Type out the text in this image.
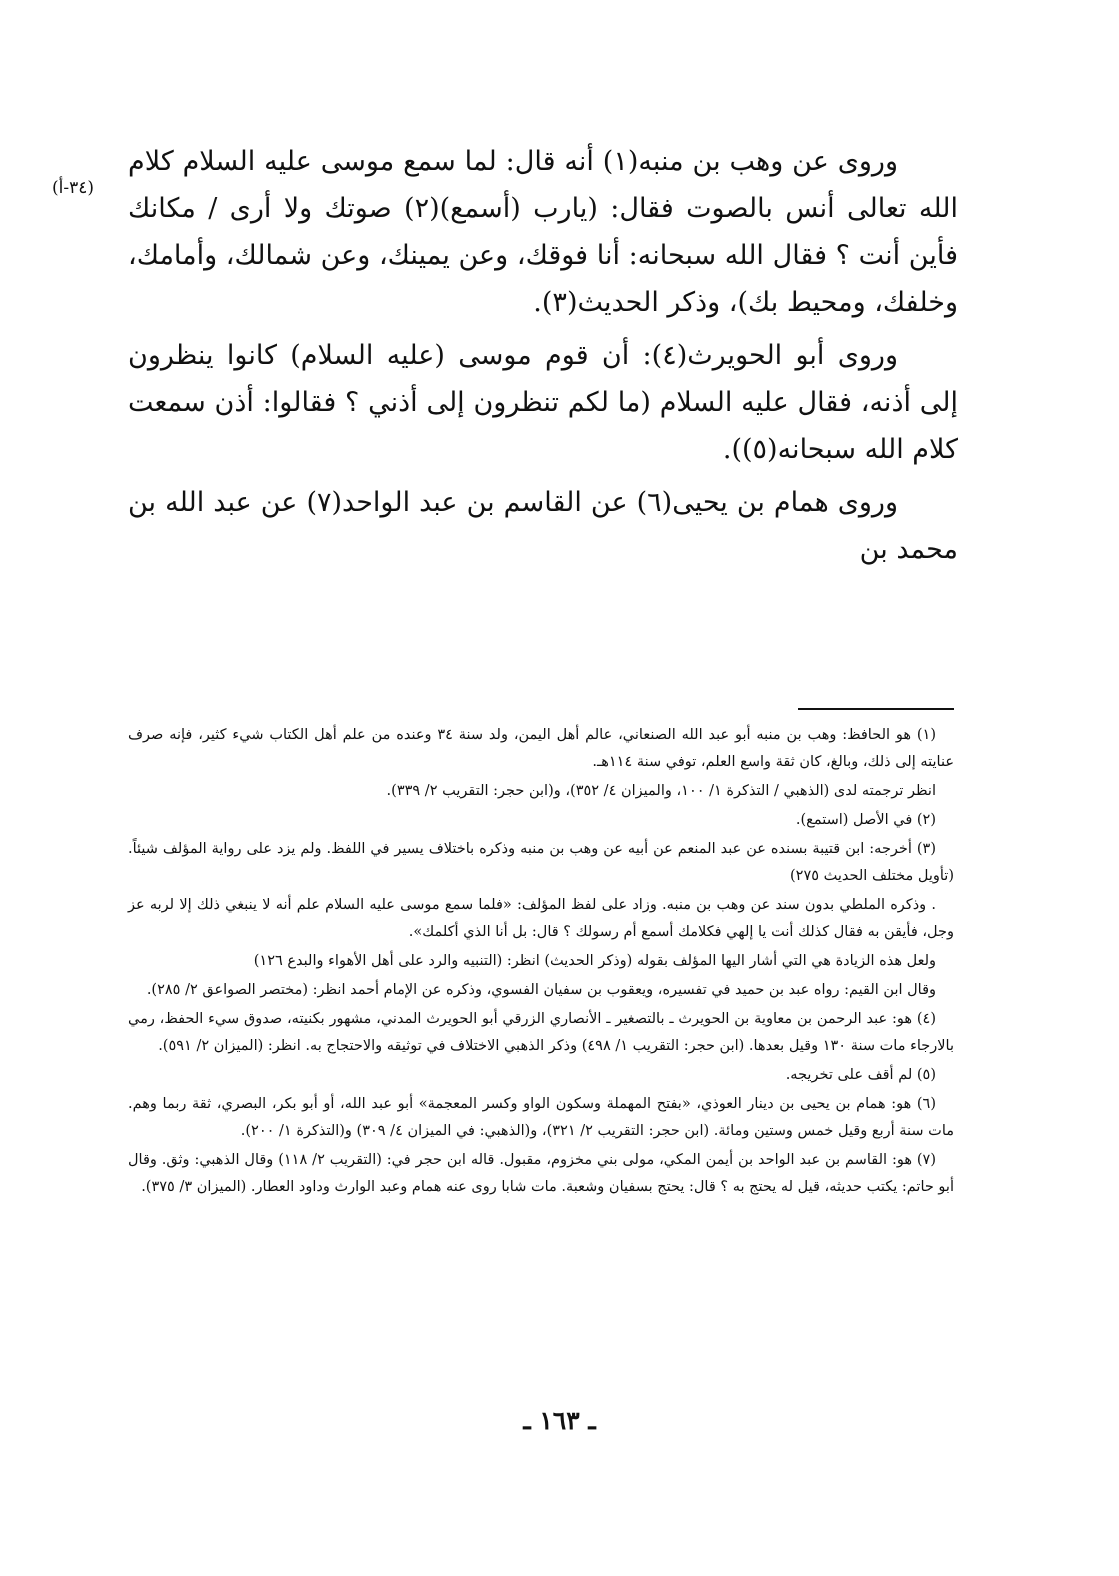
(٣٤-أ)

وروى عن وهب بن منبه(١) أنه قال: لما سمع موسى عليه السلام كلام الله تعالى أنس بالصوت فقال: (يارب (أسمع)(٢) صوتك ولا أرى / مكانك فأين أنت ؟ فقال الله سبحانه: أنا فوقك، وعن يمينك، وعن شمالك، وأمامك، وخلفك، ومحيط بك)، وذكر الحديث(٣).

وروى أبو الحويرث(٤): أن قوم موسى (عليه السلام) كانوا ينظرون إلى أذنه، فقال عليه السلام (ما لكم تنظرون إلى أذني ؟ فقالوا: أذن سمعت كلام الله سبحانه(٥)).

وروى همام بن يحيى(٦) عن القاسم بن عبد الواحد(٧) عن عبد الله بن محمد بن

(١) هو الحافظ: وهب بن منبه أبو عبد الله الصنعاني، عالم أهل اليمن، ولد سنة ٣٤ وعنده من علم أهل الكتاب شيء كثير، فإنه صرف عنايته إلى ذلك، وبالغ، كان ثقة واسع العلم، توفي سنة ١١٤هـ.

انظر ترجمته لدى (الذهبي / التذكرة ١/ ١٠٠، والميزان ٤/ ٣٥٢)، و(ابن حجر: التقريب ٢/ ٣٣٩).

(٢) في الأصل (استمع).

(٣) أخرجه: ابن قتيبة بسنده عن عبد المنعم عن أبيه عن وهب بن منبه وذكره باختلاف يسير في اللفظ. ولم يزد على رواية المؤلف شيئاً. (تأويل مختلف الحديث ٢٧٥)

. وذكره الملطي بدون سند عن وهب بن منبه. وزاد على لفظ المؤلف: «فلما سمع موسى عليه السلام علم أنه لا ينبغي ذلك إلا لربه عز وجل، فأيقن به فقال كذلك أنت يا إلهي فكلامك أسمع أم رسولك ؟ قال: بل أنا الذي أكلمك».

ولعل هذه الزيادة هي التي أشار اليها المؤلف بقوله (وذكر الحديث) انظر: (التنبيه والرد على أهل الأهواء والبدع ١٢٦)

وقال ابن القيم: رواه عبد بن حميد في تفسيره، ويعقوب بن سفيان الفسوي، وذكره عن الإمام أحمد انظر: (مختصر الصواعق ٢/ ٢٨٥).

(٤) هو: عبد الرحمن بن معاوية بن الحويرث ـ بالتصغير ـ الأنصاري الزرقي أبو الحويرث المدني، مشهور بكنيته، صدوق سيء الحفظ، رمي بالارجاء مات سنة ١٣٠ وقيل بعدها. (ابن حجر: التقريب ١/ ٤٩٨) وذكر الذهبي الاختلاف في توثيقه والاحتجاج به. انظر: (الميزان ٢/ ٥٩١).

(٥) لم أقف على تخريجه.

(٦) هو: همام بن يحيى بن دينار العوذي، «بفتح المهملة وسكون الواو وكسر المعجمة» أبو عبد الله، أو أبو بكر، البصري، ثقة ربما وهم. مات سنة أربع وقيل خمس وستين ومائة. (ابن حجر: التقريب ٢/ ٣٢١)، و(الذهبي: في الميزان ٤/ ٣٠٩) و(التذكرة ١/ ٢٠٠).

(٧) هو: القاسم بن عبد الواحد بن أيمن المكي، مولى بني مخزوم، مقبول. قاله ابن حجر في: (التقريب ٢/ ١١٨) وقال الذهبي: وثق. وقال أبو حاتم: يكتب حديثه، قيل له يحتج به ؟ قال: يحتج بسفيان وشعبة. مات شابا روى عنه همام وعبد الوارث وداود العطار. (الميزان ٣/ ٣٧٥).

ـ ١٦٣ ـ
